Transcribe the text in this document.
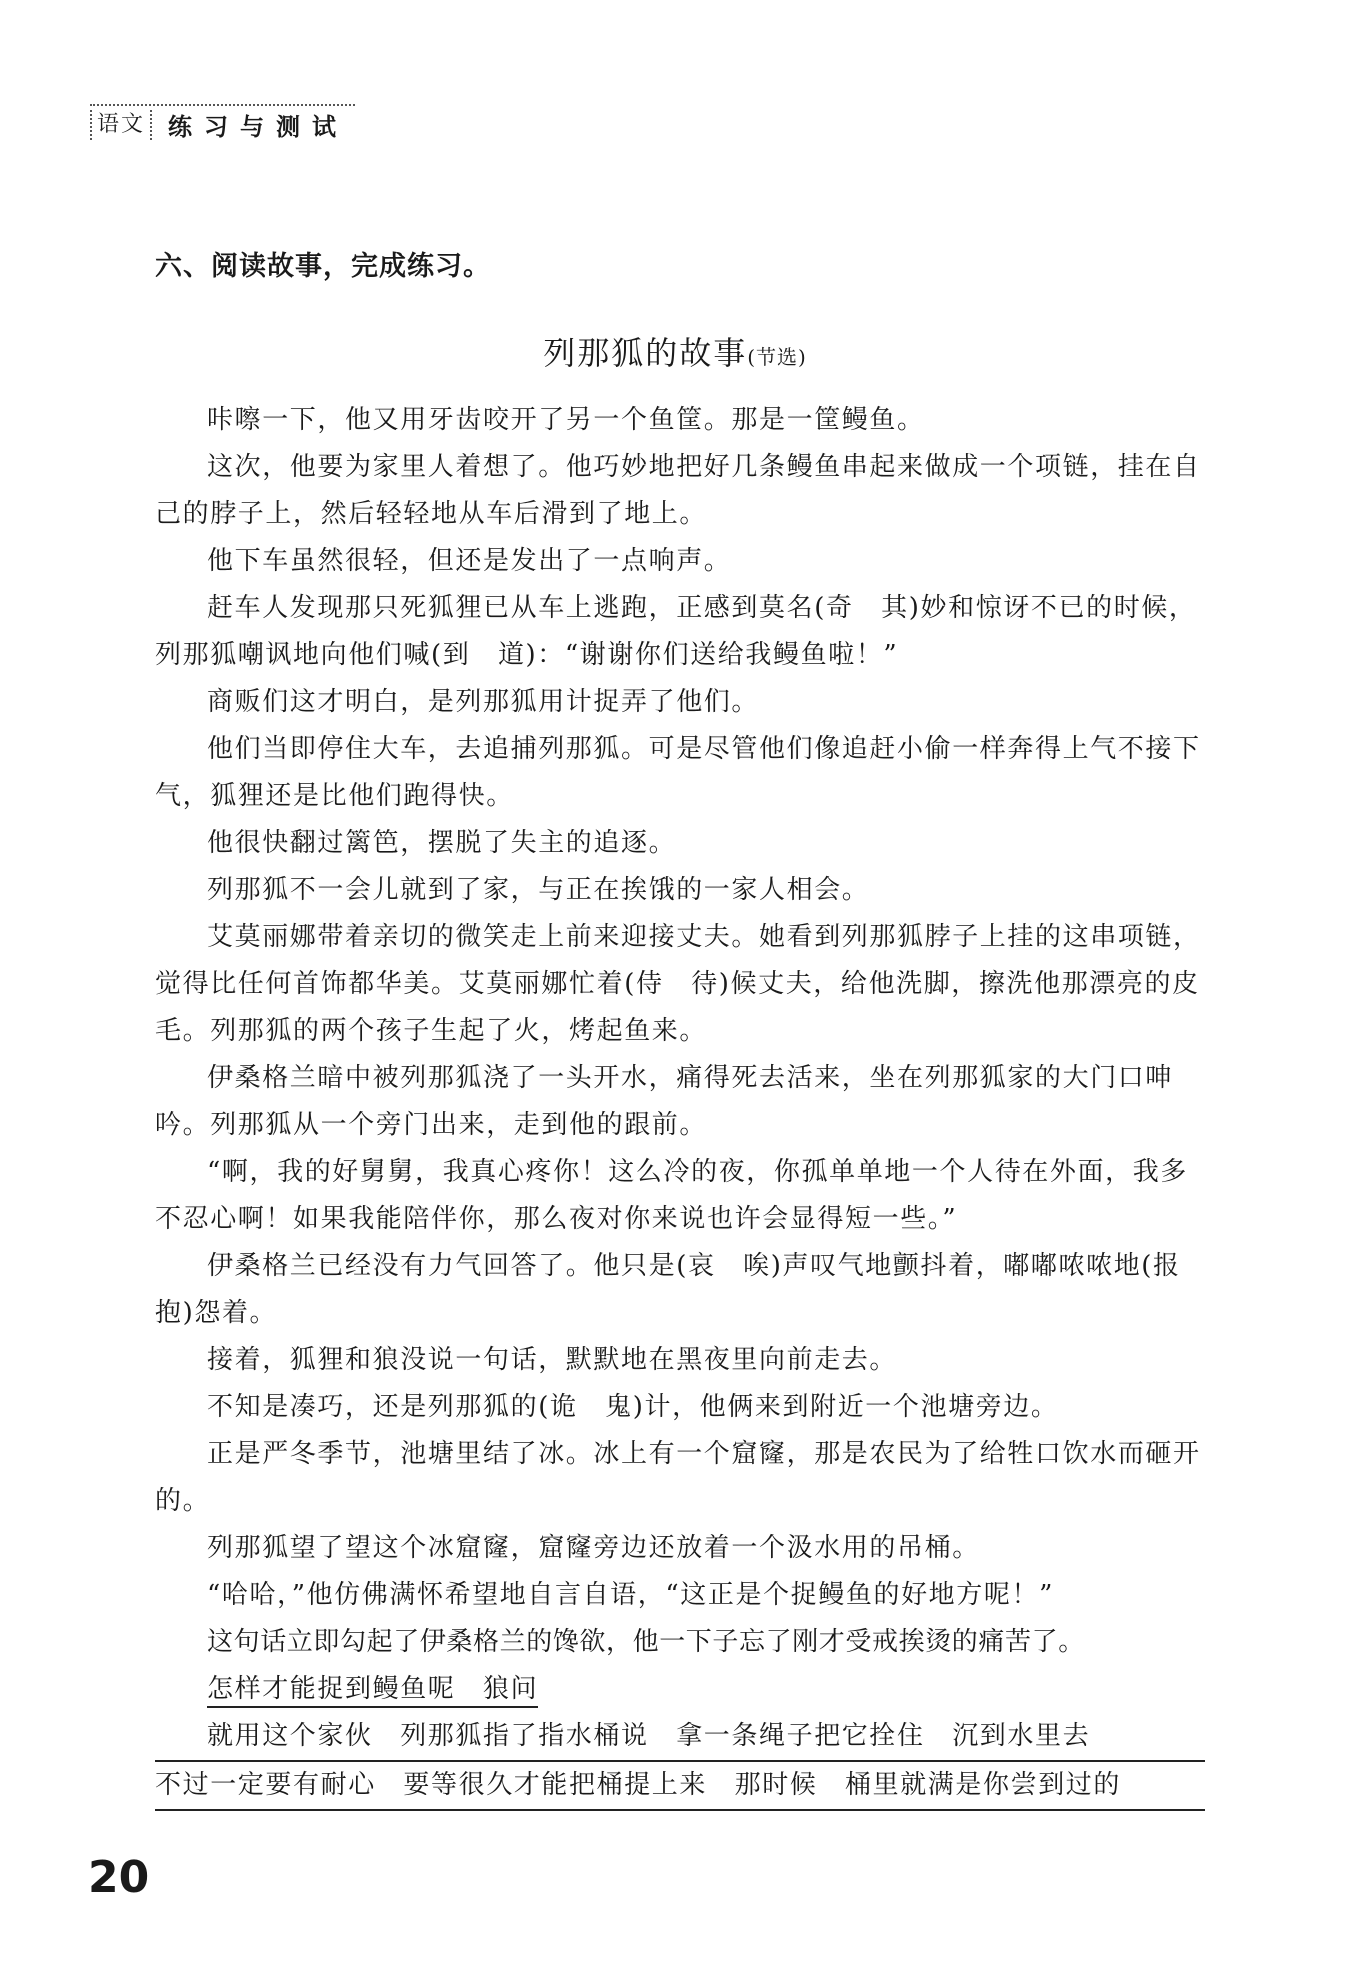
语文 练习与测试
六、阅读故事，完成练习。
列那狐的故事(节选)

咔嚓一下，他又用牙齿咬开了另一个鱼筐。那是一筐鳗鱼。

这次，他要为家里人着想了。他巧妙地把好几条鳗鱼串起来做成一个项链，挂在自己的脖子上，然后轻轻地从车后滑到了地上。

他下车虽然很轻，但还是发出了一点响声。

赶车人发现那只死狐狸已从车上逃跑，正感到莫名(奇　其)妙和惊讶不已的时候，列那狐嘲讽地向他们喊(到　道)：“谢谢你们送给我鳗鱼啦！”

商贩们这才明白，是列那狐用计捉弄了他们。

他们当即停住大车，去追捕列那狐。可是尽管他们像追赶小偷一样奔得上气不接下气，狐狸还是比他们跑得快。

他很快翻过篱笆，摆脱了失主的追逐。

列那狐不一会儿就到了家，与正在挨饿的一家人相会。

艾莫丽娜带着亲切的微笑走上前来迎接丈夫。她看到列那狐脖子上挂的这串项链，觉得比任何首饰都华美。艾莫丽娜忙着(侍　待)候丈夫，给他洗脚，擦洗他那漂亮的皮毛。列那狐的两个孩子生起了火，烤起鱼来。

伊桑格兰暗中被列那狐浇了一头开水，痛得死去活来，坐在列那狐家的大门口呻吟。列那狐从一个旁门出来，走到他的跟前。

“啊，我的好舅舅，我真心疼你！这么冷的夜，你孤单单地一个人待在外面，我多不忍心啊！如果我能陪伴你，那么夜对你来说也许会显得短一些。”

伊桑格兰已经没有力气回答了。他只是(哀　唉)声叹气地颤抖着，嘟嘟哝哝地(报　抱)怨着。

接着，狐狸和狼没说一句话，默默地在黑夜里向前走去。

不知是凑巧，还是列那狐的(诡　鬼)计，他俩来到附近一个池塘旁边。

正是严冬季节，池塘里结了冰。冰上有一个窟窿，那是农民为了给牲口饮水而砸开的。

列那狐望了望这个冰窟窿，窟窿旁边还放着一个汲水用的吊桶。

“哈哈，”他仿佛满怀希望地自言自语，“这正是个捉鳗鱼的好地方呢！”

这句话立即勾起了伊桑格兰的馋欲，他一下子忘了刚才受戒挨烫的痛苦了。

怎样才能捉到鳗鱼呢　狼问

就用这个家伙　列那狐指了指水桶说　拿一条绳子把它拴住　沉到水里去
不过一定要有耐心　要等很久才能把桶提上来　那时候　桶里就满是你尝到过的
20
